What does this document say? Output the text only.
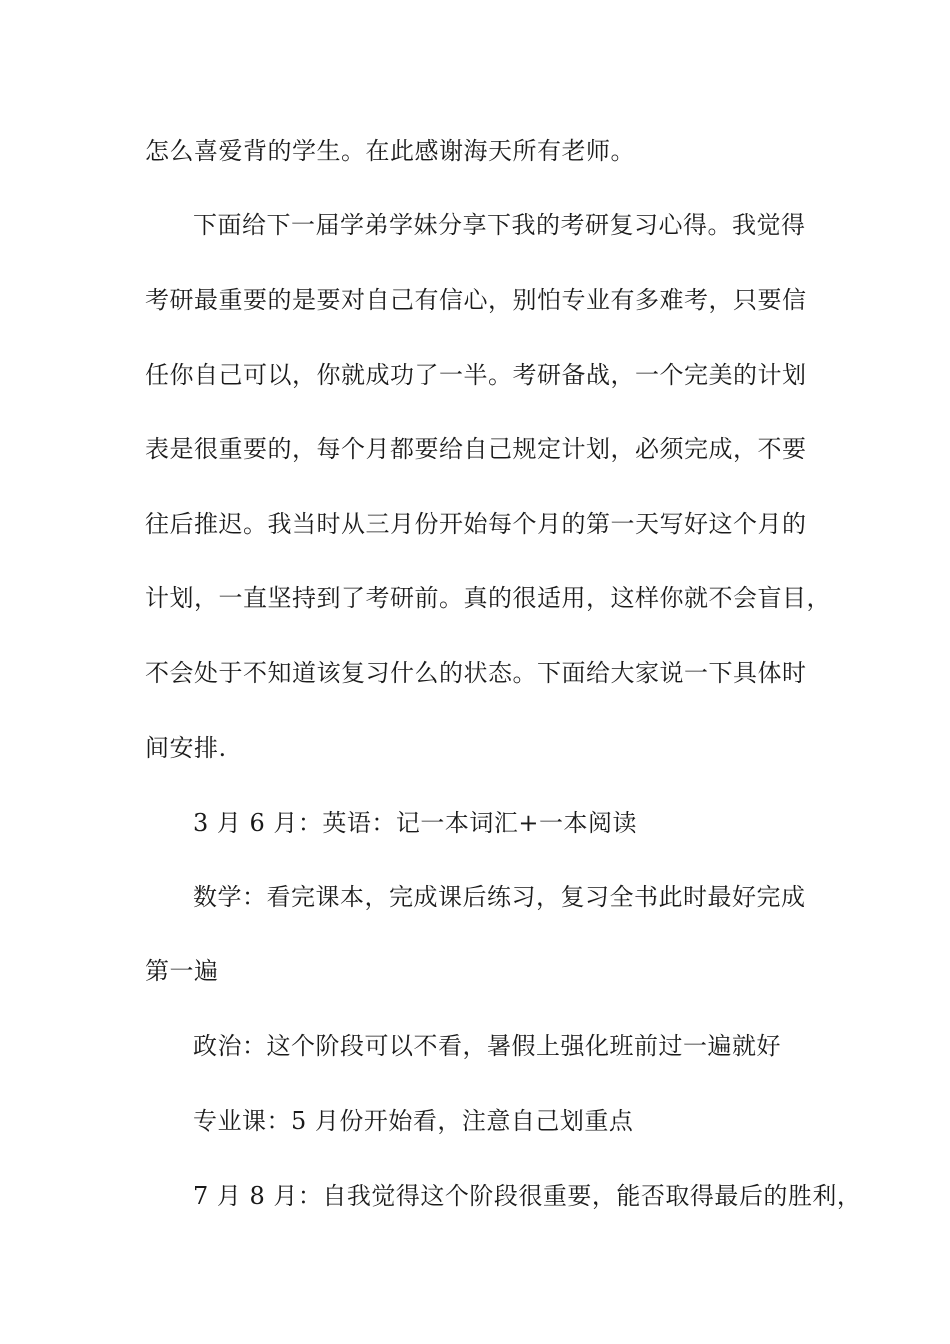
怎么喜爱背的学生。在此感谢海天所有老师。
下面给下一届学弟学妹分享下我的考研复习心得。我觉得
考研最重要的是要对自己有信心，别怕专业有多难考，只要信
任你自己可以，你就成功了一半。考研备战，一个完美的计划
表是很重要的，每个月都要给自己规定计划，必须完成，不要
往后推迟。我当时从三月份开始每个月的第一天写好这个月的
计划，一直坚持到了考研前。真的很适用，这样你就不会盲目，
不会处于不知道该复习什么的状态。下面给大家说一下具体时
间安排.
3 月 6 月：英语：记一本词汇+一本阅读
数学：看完课本，完成课后练习，复习全书此时最好完成
第一遍
政治：这个阶段可以不看，暑假上强化班前过一遍就好
专业课：5 月份开始看，注意自己划重点
7 月 8 月：自我觉得这个阶段很重要，能否取得最后的胜利，
